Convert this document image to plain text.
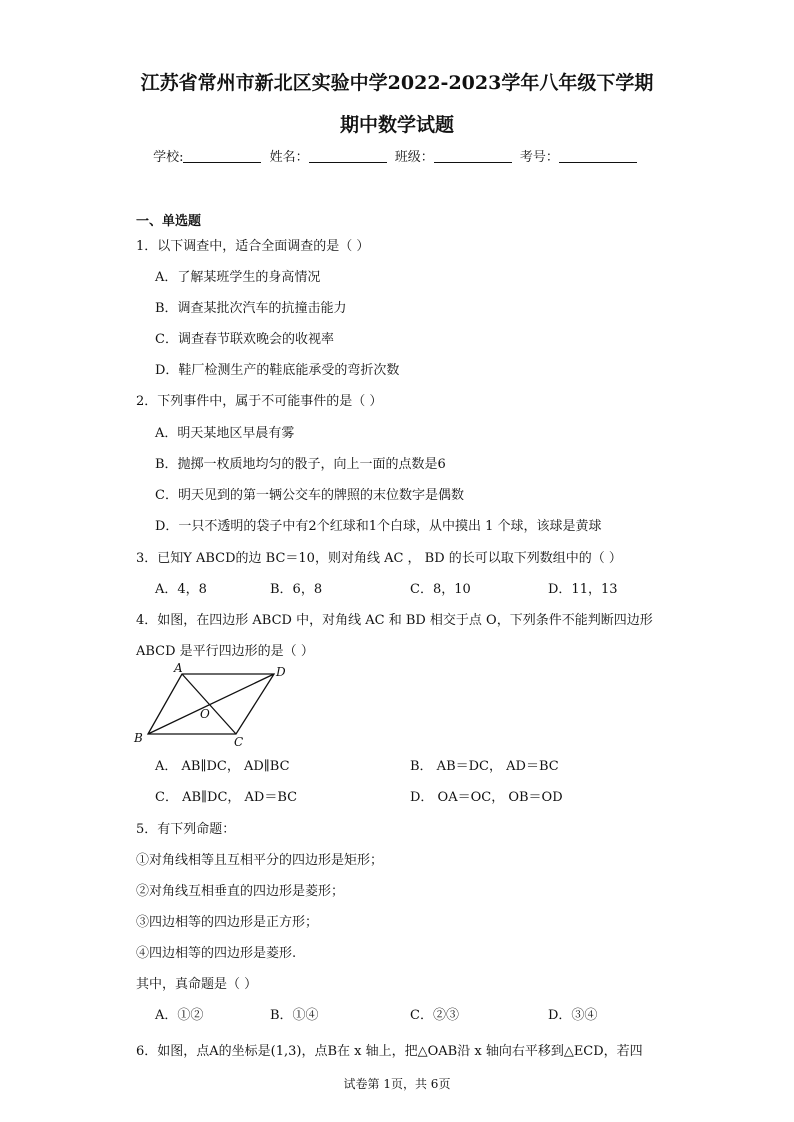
江苏省常州市新北区实验中学2022-2023学年八年级下学期
期中数学试题
学校:	姓名：	班级：	考号：
一、单选题
1．以下调查中，适合全面调查的是（ ）
A．了解某班学生的身高情况
B．调查某批次汽车的抗撞击能力
C．调查春节联欢晚会的收视率
D．鞋厂检测生产的鞋底能承受的弯折次数
2．下列事件中，属于不可能事件的是（ ）
A．明天某地区早晨有雾
B．抛掷一枚质地均匀的骰子，向上一面的点数是6
C．明天见到的第一辆公交车的牌照的末位数字是偶数
D．一只不透明的袋子中有2个红球和1个白球，从中摸出 1 个球，该球是黄球
3．已知Y ABCD的边 BC＝10，则对角线 AC ， BD 的长可以取下列数组中的（ ）
A．4，8	B．6，8	C．8，10	D．11，13
4．如图，在四边形 ABCD 中，对角线 AC 和 BD 相交于点 O，下列条件不能判断四边形
ABCD 是平行四边形的是（ ）
A	D
O
B	C
A． AB∥DC， AD∥BC	B． AB＝DC， AD＝BC
C． AB∥DC， AD＝BC	D． OA＝OC， OB＝OD
5．有下列命题：
①对角线相等且互相平分的四边形是矩形；
②对角线互相垂直的四边形是菱形；
③四边相等的四边形是正方形；
④四边相等的四边形是菱形.
其中，真命题是（ ）
A．①②	B．①④	C．②③	D．③④
6．如图，点A的坐标是(1,3)，点B在 x 轴上，把△OAB沿 x 轴向右平移到△ECD，若四
试卷第 1页，共 6页
